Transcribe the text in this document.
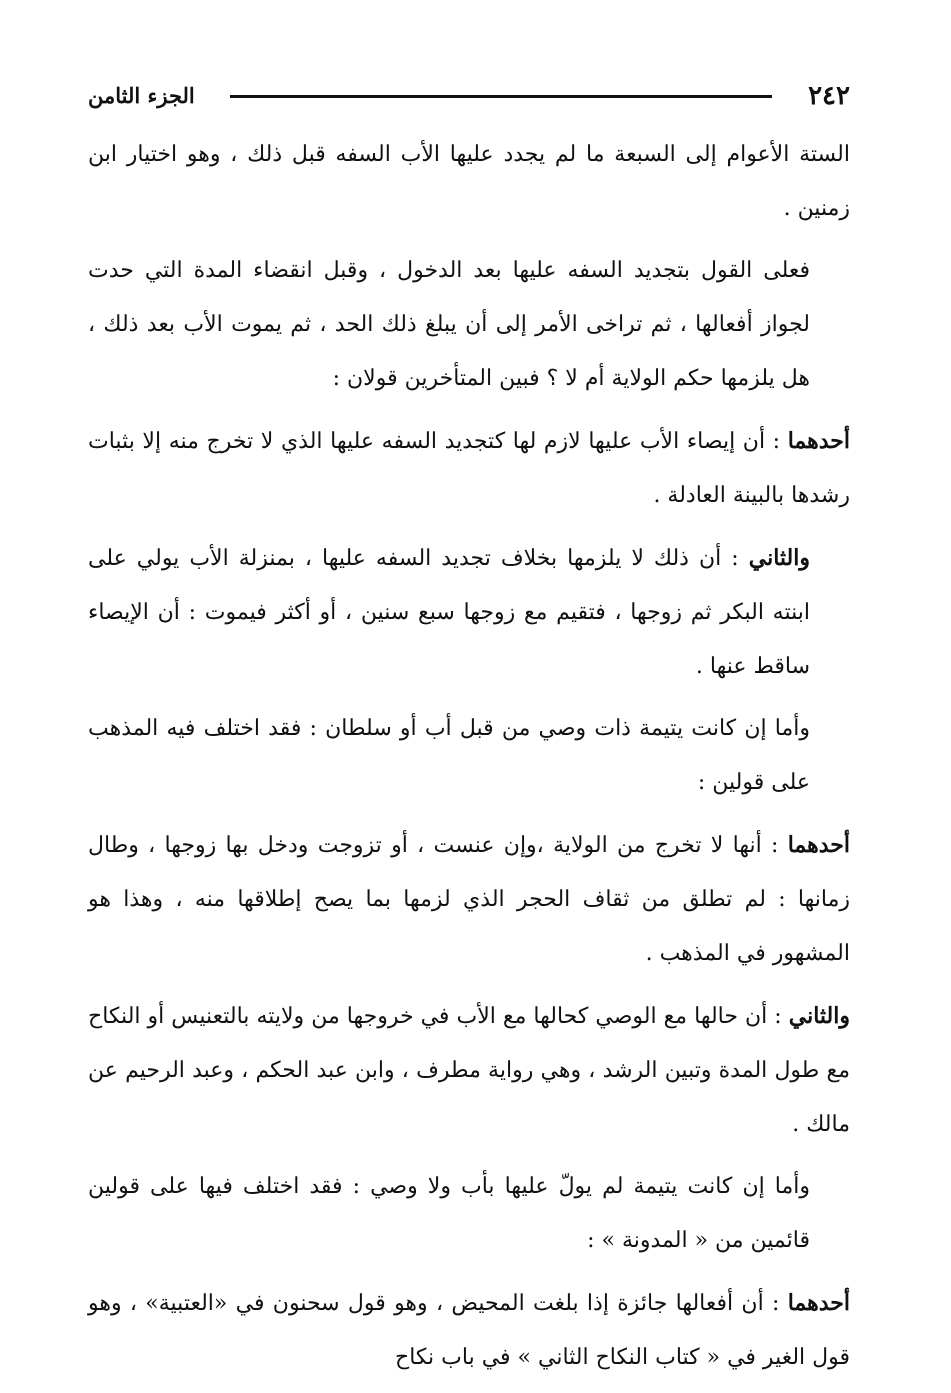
٢٤٢
الجزء الثامن

الستة الأعوام إلى السبعة ما لم يجدد عليها الأب السفه قبل ذلك ، وهو اختيار ابن زمنين .

فعلى القول بتجديد السفه عليها بعد الدخول ، وقبل انقضاء المدة التي حدت لجواز أفعالها ، ثم تراخى الأمر إلى أن يبلغ ذلك الحد ، ثم يموت الأب بعد ذلك ، هل يلزمها حكم الولاية أم لا ؟ فبين المتأخرين قولان :

أحدهما : أن إيصاء الأب عليها لازم لها كتجديد السفه عليها الذي لا تخرج منه إلا بثبات رشدها بالبينة العادلة .

والثاني : أن ذلك لا يلزمها بخلاف تجديد السفه عليها ، بمنزلة الأب يولي على ابنته البكر ثم زوجها ، فتقيم مع زوجها سبع سنين ، أو أكثر فيموت : أن الإيصاء ساقط عنها .

وأما إن كانت يتيمة ذات وصي من قبل أب أو سلطان : فقد اختلف فيه المذهب على قولين :

أحدهما : أنها لا تخرج من الولاية ،وإن عنست ، أو تزوجت ودخل بها زوجها ، وطال زمانها : لم تطلق من ثقاف الحجر الذي لزمها بما يصح إطلاقها منه ، وهذا هو المشهور في المذهب .

والثاني : أن حالها مع الوصي كحالها مع الأب في خروجها من ولايته بالتعنيس أو النكاح مع طول المدة وتبين الرشد ، وهي رواية مطرف ، وابن عبد الحكم ، وعبد الرحيم عن مالك .

وأما إن كانت يتيمة لم يولّ عليها بأب ولا وصي : فقد اختلف فيها على قولين قائمين من « المدونة » :

أحدهما : أن أفعالها جائزة إذا بلغت المحيض ، وهو قول سحنون في «العتبية» ، وهو قول الغير في « كتاب النكاح الثاني » في باب نكاح
